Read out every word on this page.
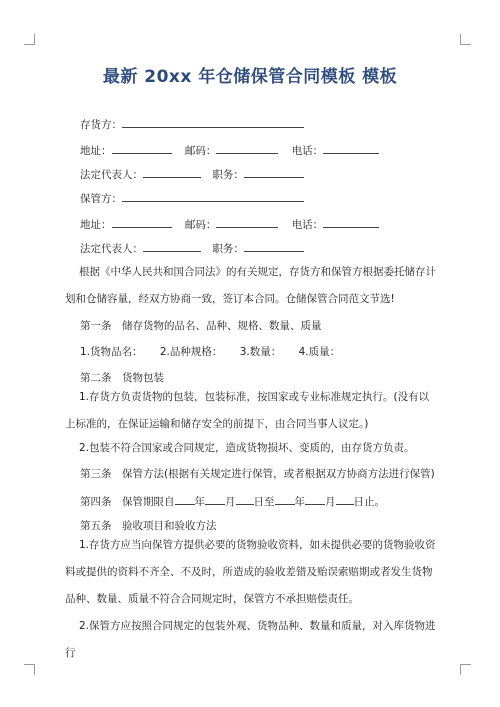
最新 20xx 年仓储保管合同模板 模板
存货方：
地址：	邮码：	电话：
法定代表人：	职务：
保管方：
地址：	邮码：	电话：
法定代表人：	职务：
根据《中华人民共和国合同法》的有关规定，存货方和保管方根据委托储存计划和仓储容量，经双方协商一致，签订本合同。仓储保管合同范文节选!
第一条　储存货物的品名、品种、规格、数量、质量
1.货物品名： 2.品种规格： 3.数量： 4.质量：
第二条　货物包装
1.存货方负责货物的包装，包装标准，按国家或专业标准规定执行。(没有以上标准的，在保证运输和储存安全的前提下，由合同当事人议定。)
2.包装不符合国家或合同规定，造成货物损坏、变质的，由存货方负责。
第三条　保管方法(根据有关规定进行保管，或者根据双方协商方法进行保管)
第四条　保管期限自 年 月 日至 年 月 日止。
第五条　验收项目和验收方法
1.存货方应当向保管方提供必要的货物验收资料，如未提供必要的货物验收资料或提供的资料不齐全、不及时，所造成的验收差错及贻误索赔期或者发生货物品种、数量、质量不符合合同规定时，保管方不承担赔偿责任。
2.保管方应按照合同规定的包装外观、货物品种、数量和质量，对入库货物进行
